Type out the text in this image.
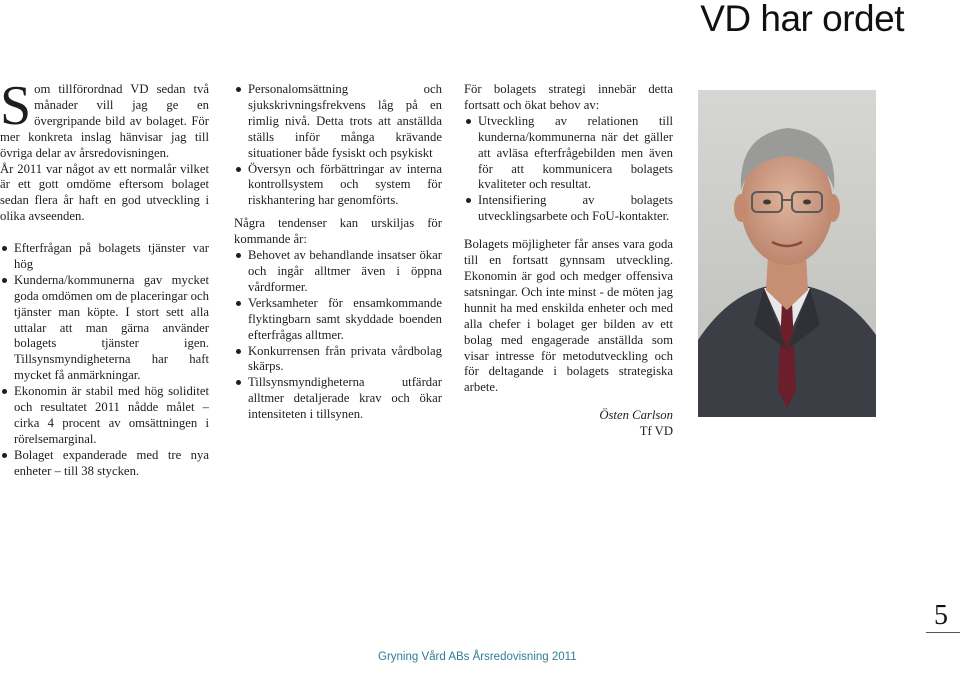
VD har ordet

Som tillförordnad VD sedan två månader vill jag ge en övergripande bild av bolaget. För mer konkreta inslag hänvisar jag till övriga delar av årsredovisningen.

År 2011 var något av ett normalår vilket är ett gott omdöme eftersom bolaget sedan flera år haft en god utveckling i olika avseenden.

Efterfrågan på bolagets tjänster var hög
Kunderna/kommunerna gav mycket goda omdömen om de placeringar och tjänster man köpte. I stort sett alla uttalar att man gärna använder bolagets tjänster igen. Tillsynsmyndigheterna har haft mycket få anmärkningar.
Ekonomin är stabil med hög soliditet och resultatet 2011 nådde målet – cirka 4 procent av omsättningen i rörelsemarginal.
Bolaget expanderade med tre nya enheter – till 38 stycken.
Personalomsättning och sjukskrivningsfrekvens låg på en rimlig nivå. Detta trots att anställda ställs inför många krävande situationer både fysiskt och psykiskt
Översyn och förbättringar av interna kontrollsystem och system för riskhantering har genomförts.

Några tendenser kan urskiljas för kommande år:

Behovet av behandlande insatser ökar och ingår alltmer även i öppna vårdformer.
Verksamheter för ensamkommande flyktingbarn samt skyddade boenden efterfrågas alltmer.
Konkurrensen från privata vårdbolag skärps.
Tillsynsmyndigheterna utfärdar alltmer detaljerade krav och ökar intensiteten i tillsynen.

För bolagets strategi innebär detta fortsatt och ökat behov av:

Utveckling av relationen till kunderna/kommunerna när det gäller att avläsa efterfrågebilden men även för att kommunicera bolagets kvaliteter och resultat.
Intensifiering av bolagets utvecklingsarbete och FoU-kontakter.

Bolagets möjligheter får anses vara goda till en fortsatt gynnsam utveckling. Ekonomin är god och medger offensiva satsningar. Och inte minst - de möten jag hunnit ha med enskilda enheter och med alla chefer i bolaget ger bilden av ett bolag med engagerade anställda som visar intresse för metodutveckling och för deltagande i bolagets strategiska arbete.

Östen Carlson
Tf VD

5

Gryning Vård ABs Årsredovisning 2011
